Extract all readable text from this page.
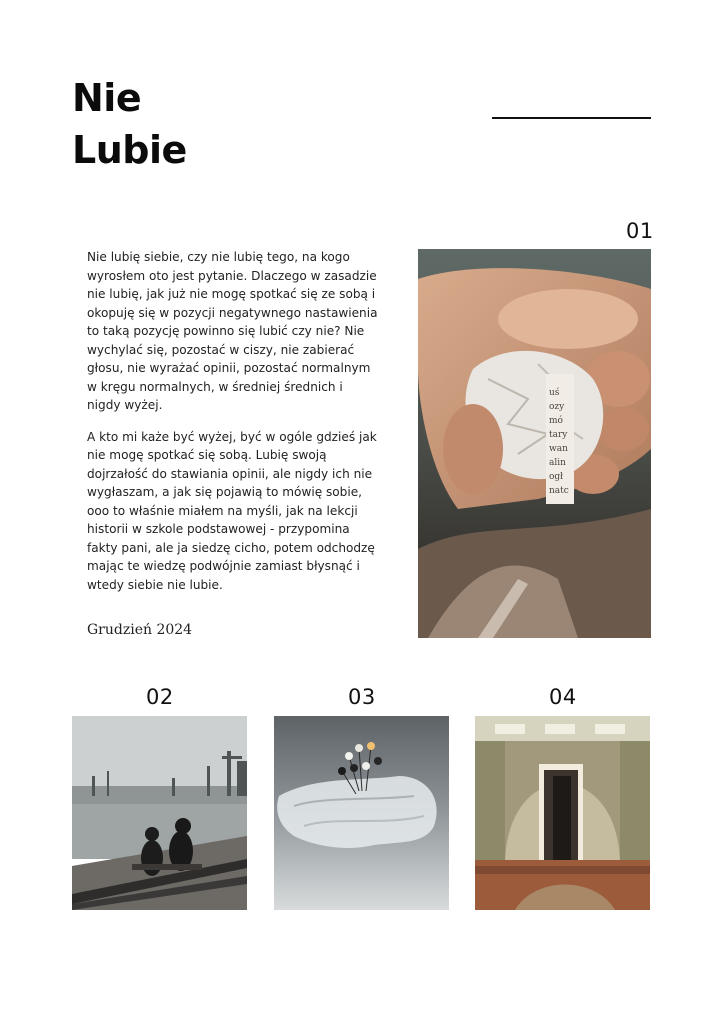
Nie
Lubie
01

Nie lubię siebie, czy nie lubię tego, na kogo wyrosłem oto jest pytanie. Dlaczego w zasadzie nie lubię, jak już nie mogę spotkać się ze sobą i okopuję się w pozycji negatywnego nastawienia to taką pozycję powinno się lubić czy nie? Nie wychylać się, pozostać w ciszy, nie zabierać głosu, nie wyrażać opinii, pozostać normalnym w kręgu normalnych, w średniej średnich i nigdy wyżej.

A kto mi każe być wyżej, być w ogóle gdzieś jak nie mogę spotkać się sobą. Lubię swoją dojrzałość do stawiania opinii, ale nigdy ich nie wygłaszam, a jak się pojawią to mówię sobie, ooo to właśnie miałem na myśli, jak na lekcji historii w szkole podstawowej - przypomina fakty pani, ale ja siedzę cicho, potem odchodzę mając te wiedzę podwójnie zamiast błysnąć i wtedy siebie nie lubie.

Grudzień 2024
uś
ozy
mó
tary
wan
alin
ogł
natc
02	03	04
